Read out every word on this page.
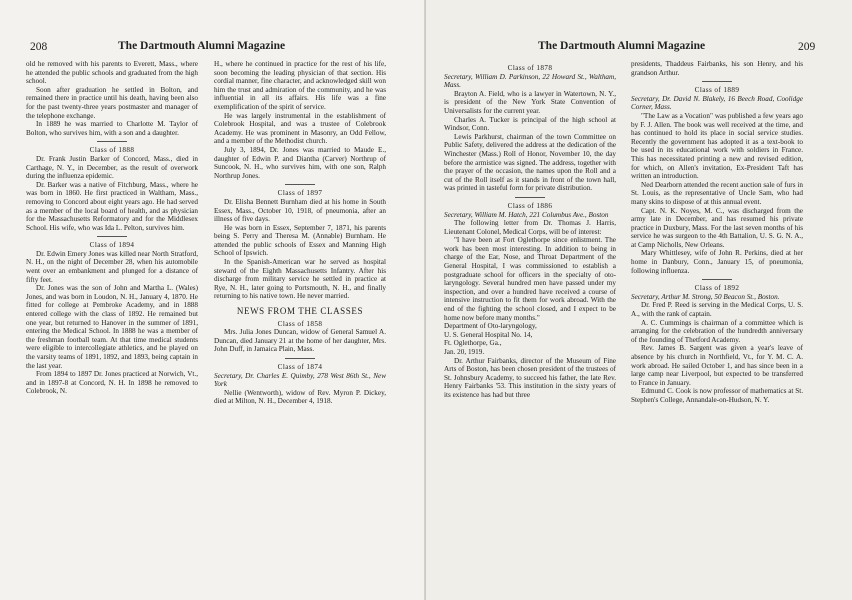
208	The Dartmouth Alumni Magazine

old he removed with his parents to Everett, Mass., where he attended the public schools and graduated from the high school.

Soon after graduation he settled in Bolton, and remained there in practice until his death, having been also for the past twenty-three years postmaster and manager of the telephone exchange.

In 1889 he was married to Charlotte M. Taylor of Bolton, who survives him, with a son and a daughter.

Class of 1888

Dr. Frank Justin Barker of Concord, Mass., died in Carthage, N. Y., in December, as the result of overwork during the influenza epidemic.

Dr. Barker was a native of Fitchburg, Mass., where he was born in 1860. He first practiced in Waltham, Mass., removing to Concord about eight years ago. He had served as a member of the local board of health, and as physician for the Massachusetts Reformatory and for the Middlesex School. His wife, who was Ida L. Pelton, survives him.

Class of 1894

Dr. Edwin Emery Jones was killed near North Stratford, N. H., on the night of December 28, when his automobile went over an embankment and plunged for a distance of fifty feet.

Dr. Jones was the son of John and Martha L. (Wales) Jones, and was born in Loudon, N. H., January 4, 1870. He fitted for college at Pembroke Academy, and in 1888 entered college with the class of 1892. He remained but one year, but returned to Hanover in the summer of 1891, entering the Medical School. In 1888 he was a member of the freshman football team. At that time medical students were eligible to intercollegiate athletics, and he played on the varsity teams of 1891, 1892, and 1893, being captain in the last year.

From 1894 to 1897 Dr. Jones practiced at Norwich, Vt., and in 1897-8 at Concord, N. H. In 1898 he removed to Colebrook, N.

H., where he continued in practice for the rest of his life, soon becoming the leading physician of that section. His cordial manner, fine character, and acknowledged skill won him the trust and admiration of the community, and he was influential in all its affairs. His life was a fine exemplification of the spirit of service.

He was largely instrumental in the establishment of Colebrook Hospital, and was a trustee of Colebrook Academy. He was prominent in Masonry, an Odd Fellow, and a member of the Methodist church.

July 3, 1894, Dr. Jones was married to Maude E., daughter of Edwin P. and Diantha (Carver) Northrup of Suncook, N. H., who survives him, with one son, Ralph Northrup Jones.

Class of 1897

Dr. Elisha Bennett Burnham died at his home in South Essex, Mass., October 10, 1918, of pneumonia, after an illness of five days.

He was born in Essex, September 7, 1871, his parents being S. Perry and Theresa M. (Annable) Burnham. He attended the public schools of Essex and Manning High School of Ipswich.

In the Spanish-American war he served as hospital steward of the Eighth Massachusetts Infantry. After his discharge from military service he settled in practice at Rye, N. H., later going to Portsmouth, N. H., and finally returning to his native town. He never married.

NEWS FROM THE CLASSES

Class of 1858

Mrs. Julia Jones Duncan, widow of General Samuel A. Duncan, died January 21 at the home of her daughter, Mrs. John Duff, in Jamaica Plain, Mass.

Class of 1874

Secretary, Dr. Charles E. Quimby, 278 West 86th St., New York

Nellie (Wentworth), widow of Rev. Myron P. Dickey, died at Milton, N. H., December 4, 1918.

The Dartmouth Alumni Magazine	209

Class of 1878

Secretary, William D. Parkinson, 22 Howard St., Waltham, Mass.

Brayton A. Field, who is a lawyer in Watertown, N. Y., is president of the New York State Convention of Universalists for the current year.

Charles A. Tucker is principal of the high school at Windsor, Conn.

Lewis Parkhurst, chairman of the town Committee on Public Safety, delivered the address at the dedication of the Winchester (Mass.) Roll of Honor, November 10, the day before the armistice was signed. The address, together with the prayer of the occasion, the names upon the Roll and a cut of the Roll itself as it stands in front of the town hall, was printed in tasteful form for private distribution.

Class of 1886

Secretary, William M. Hatch, 221 Columbus Ave., Boston

The following letter from Dr. Thomas J. Harris, Lieutenant Colonel, Medical Corps, will be of interest:

"I have been at Fort Oglethorpe since enlistment. The work has been most interesting. In addition to being in charge of the Ear, Nose, and Throat Department of the General Hospital, I was commissioned to establish a postgraduate school for officers in the specialty of oto-laryngology. Several hundred men have passed under my inspection, and over a hundred have received a course of intensive instruction to fit them for work abroad. With the end of the fighting the school closed, and I expect to be home now before many months."

Department of Oto-laryngology,

U. S. General Hospital No. 14,

Ft. Oglethorpe, Ga.,

Jan. 20, 1919.

Dr. Arthur Fairbanks, director of the Museum of Fine Arts of Boston, has been chosen president of the trustees of St. Johnsbury Academy, to succeed his father, the late Rev. Henry Fairbanks '53. This institution in the sixty years of its existence has had but three

presidents, Thaddeus Fairbanks, his son Henry, and his grandson Arthur.

Class of 1889

Secretary, Dr. David N. Blakely, 16 Beech Road, Coolidge Corner, Mass.

"The Law as a Vocation" was published a few years ago by F. J. Allen. The book was well received at the time, and has continued to hold its place in social service studies. Recently the government has adopted it as a text-book to be used in its educational work with soldiers in France. This has necessitated printing a new and revised edition, for which, on Allen's invitation, Ex-President Taft has written an introduction.

Ned Dearborn attended the recent auction sale of furs in St. Louis, as the representative of Uncle Sam, who had many skins to dispose of at this annual event.

Capt. N. K. Noyes, M. C., was discharged from the army late in December, and has resumed his private practice in Duxbury, Mass. For the last seven months of his service he was surgeon to the 4th Battalion, U. S. G. N. A., at Camp Nicholls, New Orleans.

Mary Whittlesey, wife of John R. Perkins, died at her home in Danbury, Conn., January 15, of pneumonia, following influenza.

Class of 1892

Secretary, Arthur M. Strong, 50 Beacon St., Boston.

Dr. Fred P. Reed is serving in the Medical Corps, U. S. A., with the rank of captain.

A. C. Cummings is chairman of a committee which is arranging for the celebration of the hundredth anniversary of the founding of Thetford Academy.

Rev. James B. Sargent was given a year's leave of absence by his church in Northfield, Vt., for Y. M. C. A. work abroad. He sailed October 1, and has since been in a large camp near Liverpool, but expected to be transferred to France in January.

Edmund C. Cook is now professor of mathematics at St. Stephen's College, Annandale-on-Hudson, N. Y.
